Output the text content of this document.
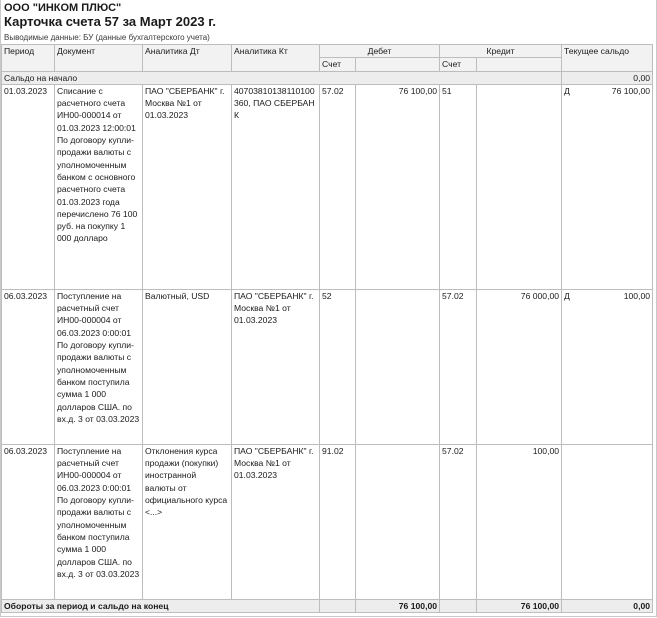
ООО "ИНКОМ ПЛЮС"
Карточка счета 57 за Март 2023 г.
Выводимые данные: БУ (данные бухгалтерского учета)
Период	Документ	Аналитика Дт	Аналитика Кт	Дебет		Кредит		Текущее сальдо
				Счет		Счет		
Сальдо на начало								0,00
01.03.2023	Списание с расчетного счета ИН00-000014 от 01.03.2023 12:00:01 По договору купли-продажи валюты с уполномоченным банком с основного расчетного счета 01.03.2023 года перечислено 76 100 руб. на покупку 1 000 долларо	ПАО "СБЕРБАНК" г. Москва №1 от 01.03.2023	40703810138110100360, ПАО СБЕРБАНК	57.02	76 100,00	51		Д 76 100,00

06.03.2023	Поступление на расчетный счет ИН00-000004 от 06.03.2023 0:00:01 По договору купли-продажи валюты с уполномоченным банком поступила сумма 1 000 долларов США. по вх.д. 3 от 03.03.2023	Валютный, USD	ПАО "СБЕРБАНК" г. Москва №1 от 01.03.2023	52		57.02	76 000,00	Д 100,00

06.03.2023	Поступление на расчетный счет ИН00-000004 от 06.03.2023 0:00:01 По договору купли-продажи валюты с уполномоченным банком поступила сумма 1 000 долларов США. по вх.д. 3 от 03.03.2023	Отклонения курса продажи (покупки) иностранной валюты от официального курса <...>	ПАО "СБЕРБАНК" г. Москва №1 от 01.03.2023	91.02		57.02	100,00	

Обороты за период и сальдо на конец					76 100,00		76 100,00	0,00
